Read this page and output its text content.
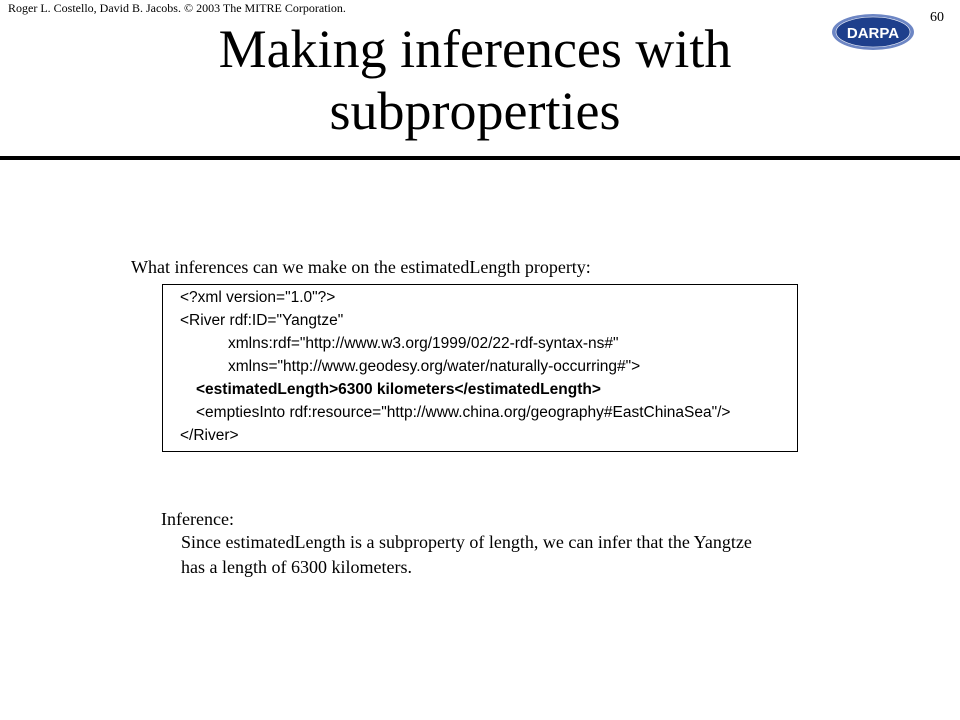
Roger L. Costello, David B. Jacobs. © 2003 The MITRE Corporation.
60
DARPA
Making inferences with
subproperties
What inferences can we make on the estimatedLength property:
<?xml version="1.0"?>
<River rdf:ID="Yangtze"
xmlns:rdf="http://www.w3.org/1999/02/22-rdf-syntax-ns#"
xmlns="http://www.geodesy.org/water/naturally-occurring#">
<estimatedLength>6300 kilometers</estimatedLength>
<emptiesInto rdf:resource="http://www.china.org/geography#EastChinaSea"/>
</River>
Inference:
Since estimatedLength is a subproperty of length, we can infer that the Yangtze
has a length of 6300 kilometers.
